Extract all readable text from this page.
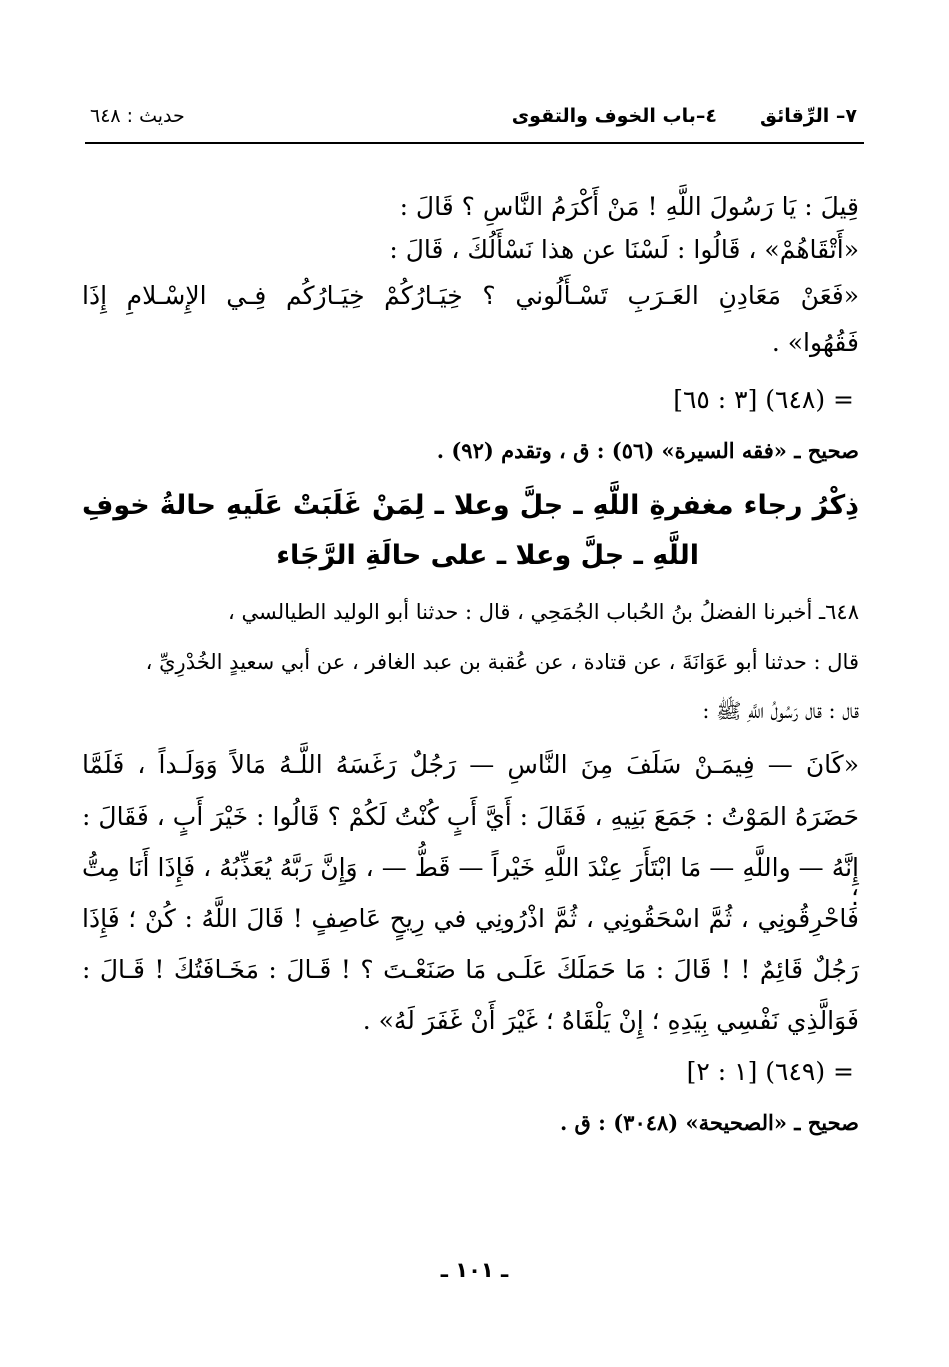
٧– الرِّقائق
٤–باب الخوف والتقوى
حديث : ٦٤٨
قِيلَ : يَا رَسُولَ اللَّهِ ! مَنْ أَكْرَمُ النَّاسِ ؟ قَالَ :
«أَتْقَاهُمْ» ، قَالُوا : لَسْنَا عن هذا نَسْأَلُكَ ، قَالَ :
«فَعَنْ مَعَادِنِ العَـرَبِ تَسْـأَلُوني ؟ خِيَـارُكُمْ خِيَـارُكُم فِـي الإِسْـلامِ إِذَا
فَقُهُوا» .
= (٦٤٨) [٣ : ٦٥]
صحيح ـ «فقه السيرة» (٥٦) : ق ، وتقدم (٩٢) .
ذِكْرُ رجاء مغفرةِ اللَّهِ ـ جلَّ وعلا ـ لِمَنْ غَلَبَتْ عَلَيهِ حالةُ خوفِ
اللَّهِ ـ جلَّ وعلا ـ على حالَةِ الرَّجَاء
٦٤٨ـ أخبرنا الفضلُ بنُ الحُباب الجُمَحِي ، قال : حدثنا أبو الوليد الطيالسي ،
قال : حدثنا أبو عَوَانَةَ ، عن قتادة ، عن عُقبة بن عبد الغافر ، عن أبي سعيدٍ الخُدْرِيِّ ،
قال : قال رَسُولُ اللَّهِ ﷺ :
«كَانَ — فِيمَـنْ سَلَفَ مِنَ النَّاسِ — رَجُلٌ رَغَسَهُ اللَّـهُ مَالاً وَوَلَـداً ، فَلَمَّا
حَضَرَهُ المَوْتُ : جَمَعَ بَنِيهِ ، فَقَالَ : أَيَّ أَبٍ كُنْتُ لَكُمْ ؟ قَالُوا : خَيْرَ أَبٍ ، فَقَالَ :
إِنَّهُ — واللَّهِ — مَا ابْتَأَرَ عِنْدَ اللَّهِ خَيْراً — قَطُّ — ، وَإِنَّ رَبَّهُ يُعَذِّبُهُ ، فَإِذَا أَنَا مِتُّ ؛
فَاحْرِقُونِي ، ثُمَّ اسْحَقُونِي ، ثُمَّ اذْرُونِي في رِيحٍ عَاصِفٍ ! قَالَ اللَّهُ : كُنْ ؛ فَإِذَا
رَجُلٌ قَائِمٌ ! ! قَالَ : مَا حَمَلَكَ عَلَـى مَا صَنَعْـتَ ؟ ! قَـالَ : مَخَـافَتُكَ ! قَـالَ :
فَوَالَّذِي نَفْسِي بِيَدِهِ ؛ إِنْ يَلْقَاهُ ؛ غَيْرَ أَنْ غَفَرَ لَهُ» .
= (٦٤٩) [١ : ٢]
صحيح ـ «الصحيحة» (٣٠٤٨) : ق .
ـ ١٠١ ـ
